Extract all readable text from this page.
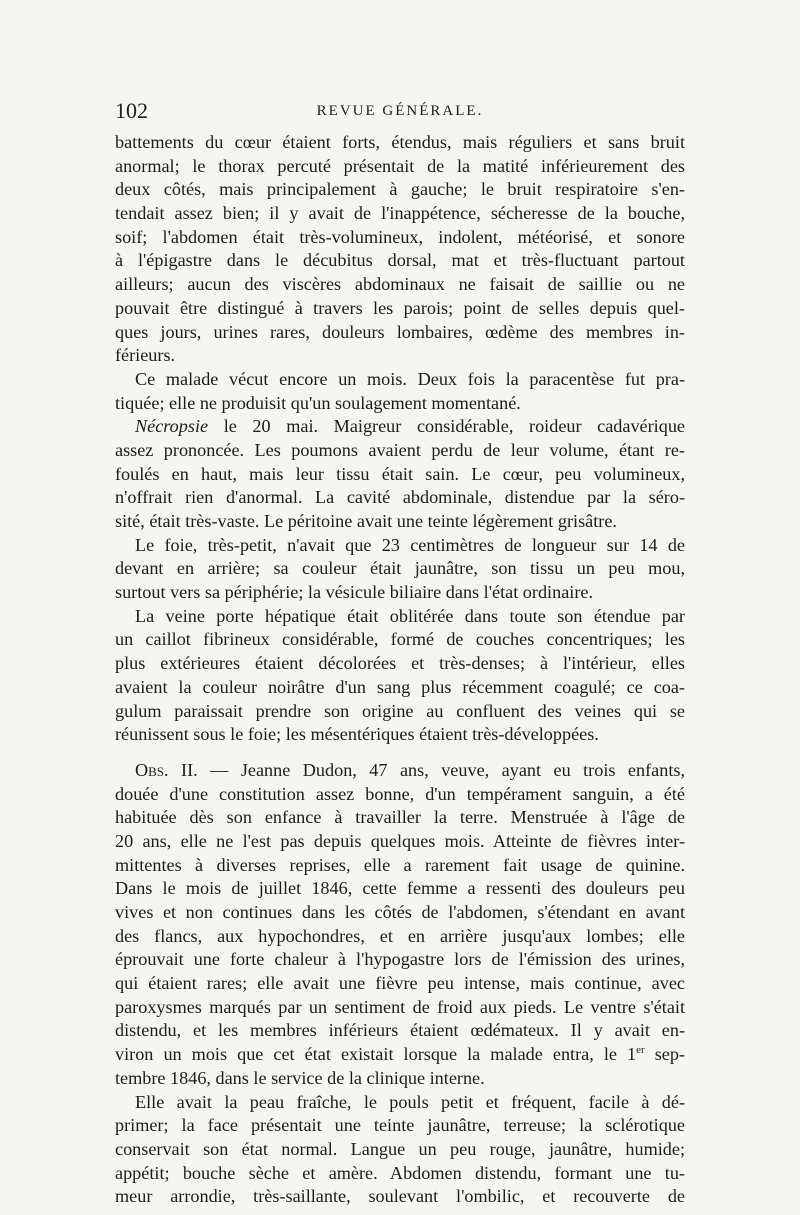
102	REVUE GÉNÉRALE.
battements du cœur étaient forts, étendus, mais réguliers et sans bruit
anormal; le thorax percuté présentait de la matité inférieurement des
deux côtés, mais principalement à gauche; le bruit respiratoire s'en-
tendait assez bien; il y avait de l'inappétence, sécheresse de la bouche,
soif; l'abdomen était très-volumineux, indolent, météorisé, et sonore
à l'épigastre dans le décubitus dorsal, mat et très-fluctuant partout
ailleurs; aucun des viscères abdominaux ne faisait de saillie ou ne
pouvait être distingué à travers les parois; point de selles depuis quel-
ques jours, urines rares, douleurs lombaires, œdème des membres in-
férieurs.
Ce malade vécut encore un mois. Deux fois la paracentèse fut pra-
tiquée; elle ne produisit qu'un soulagement momentané.
Nécropsie le 20 mai. Maigreur considérable, roideur cadavérique
assez prononcée. Les poumons avaient perdu de leur volume, étant re-
foulés en haut, mais leur tissu était sain. Le cœur, peu volumineux,
n'offrait rien d'anormal. La cavité abdominale, distendue par la séro-
sité, était très-vaste. Le péritoine avait une teinte légèrement grisâtre.
Le foie, très-petit, n'avait que 23 centimètres de longueur sur 14 de
devant en arrière; sa couleur était jaunâtre, son tissu un peu mou,
surtout vers sa périphérie; la vésicule biliaire dans l'état ordinaire.
La veine porte hépatique était oblitérée dans toute son étendue par
un caillot fibrineux considérable, formé de couches concentriques; les
plus extérieures étaient décolorées et très-denses; à l'intérieur, elles
avaient la couleur noirâtre d'un sang plus récemment coagulé; ce coa-
gulum paraissait prendre son origine au confluent des veines qui se
réunissent sous le foie; les mésentériques étaient très-développées.
Obs. II. — Jeanne Dudon, 47 ans, veuve, ayant eu trois enfants,
douée d'une constitution assez bonne, d'un tempérament sanguin, a été
habituée dès son enfance à travailler la terre. Menstruée à l'âge de
20 ans, elle ne l'est pas depuis quelques mois. Atteinte de fièvres inter-
mittentes à diverses reprises, elle a rarement fait usage de quinine.
Dans le mois de juillet 1846, cette femme a ressenti des douleurs peu
vives et non continues dans les côtés de l'abdomen, s'étendant en avant
des flancs, aux hypochondres, et en arrière jusqu'aux lombes; elle
éprouvait une forte chaleur à l'hypogastre lors de l'émission des urines,
qui étaient rares; elle avait une fièvre peu intense, mais continue, avec
paroxysmes marqués par un sentiment de froid aux pieds. Le ventre s'était
distendu, et les membres inférieurs étaient œdémateux. Il y avait en-
viron un mois que cet état existait lorsque la malade entra, le 1er sep-
tembre 1846, dans le service de la clinique interne.
Elle avait la peau fraîche, le pouls petit et fréquent, facile à dé-
primer; la face présentait une teinte jaunâtre, terreuse; la sclérotique
conservait son état normal. Langue un peu rouge, jaunâtre, humide;
appétit; bouche sèche et amère. Abdomen distendu, formant une tu-
meur arrondie, très-saillante, soulevant l'ombilic, et recouverte de
